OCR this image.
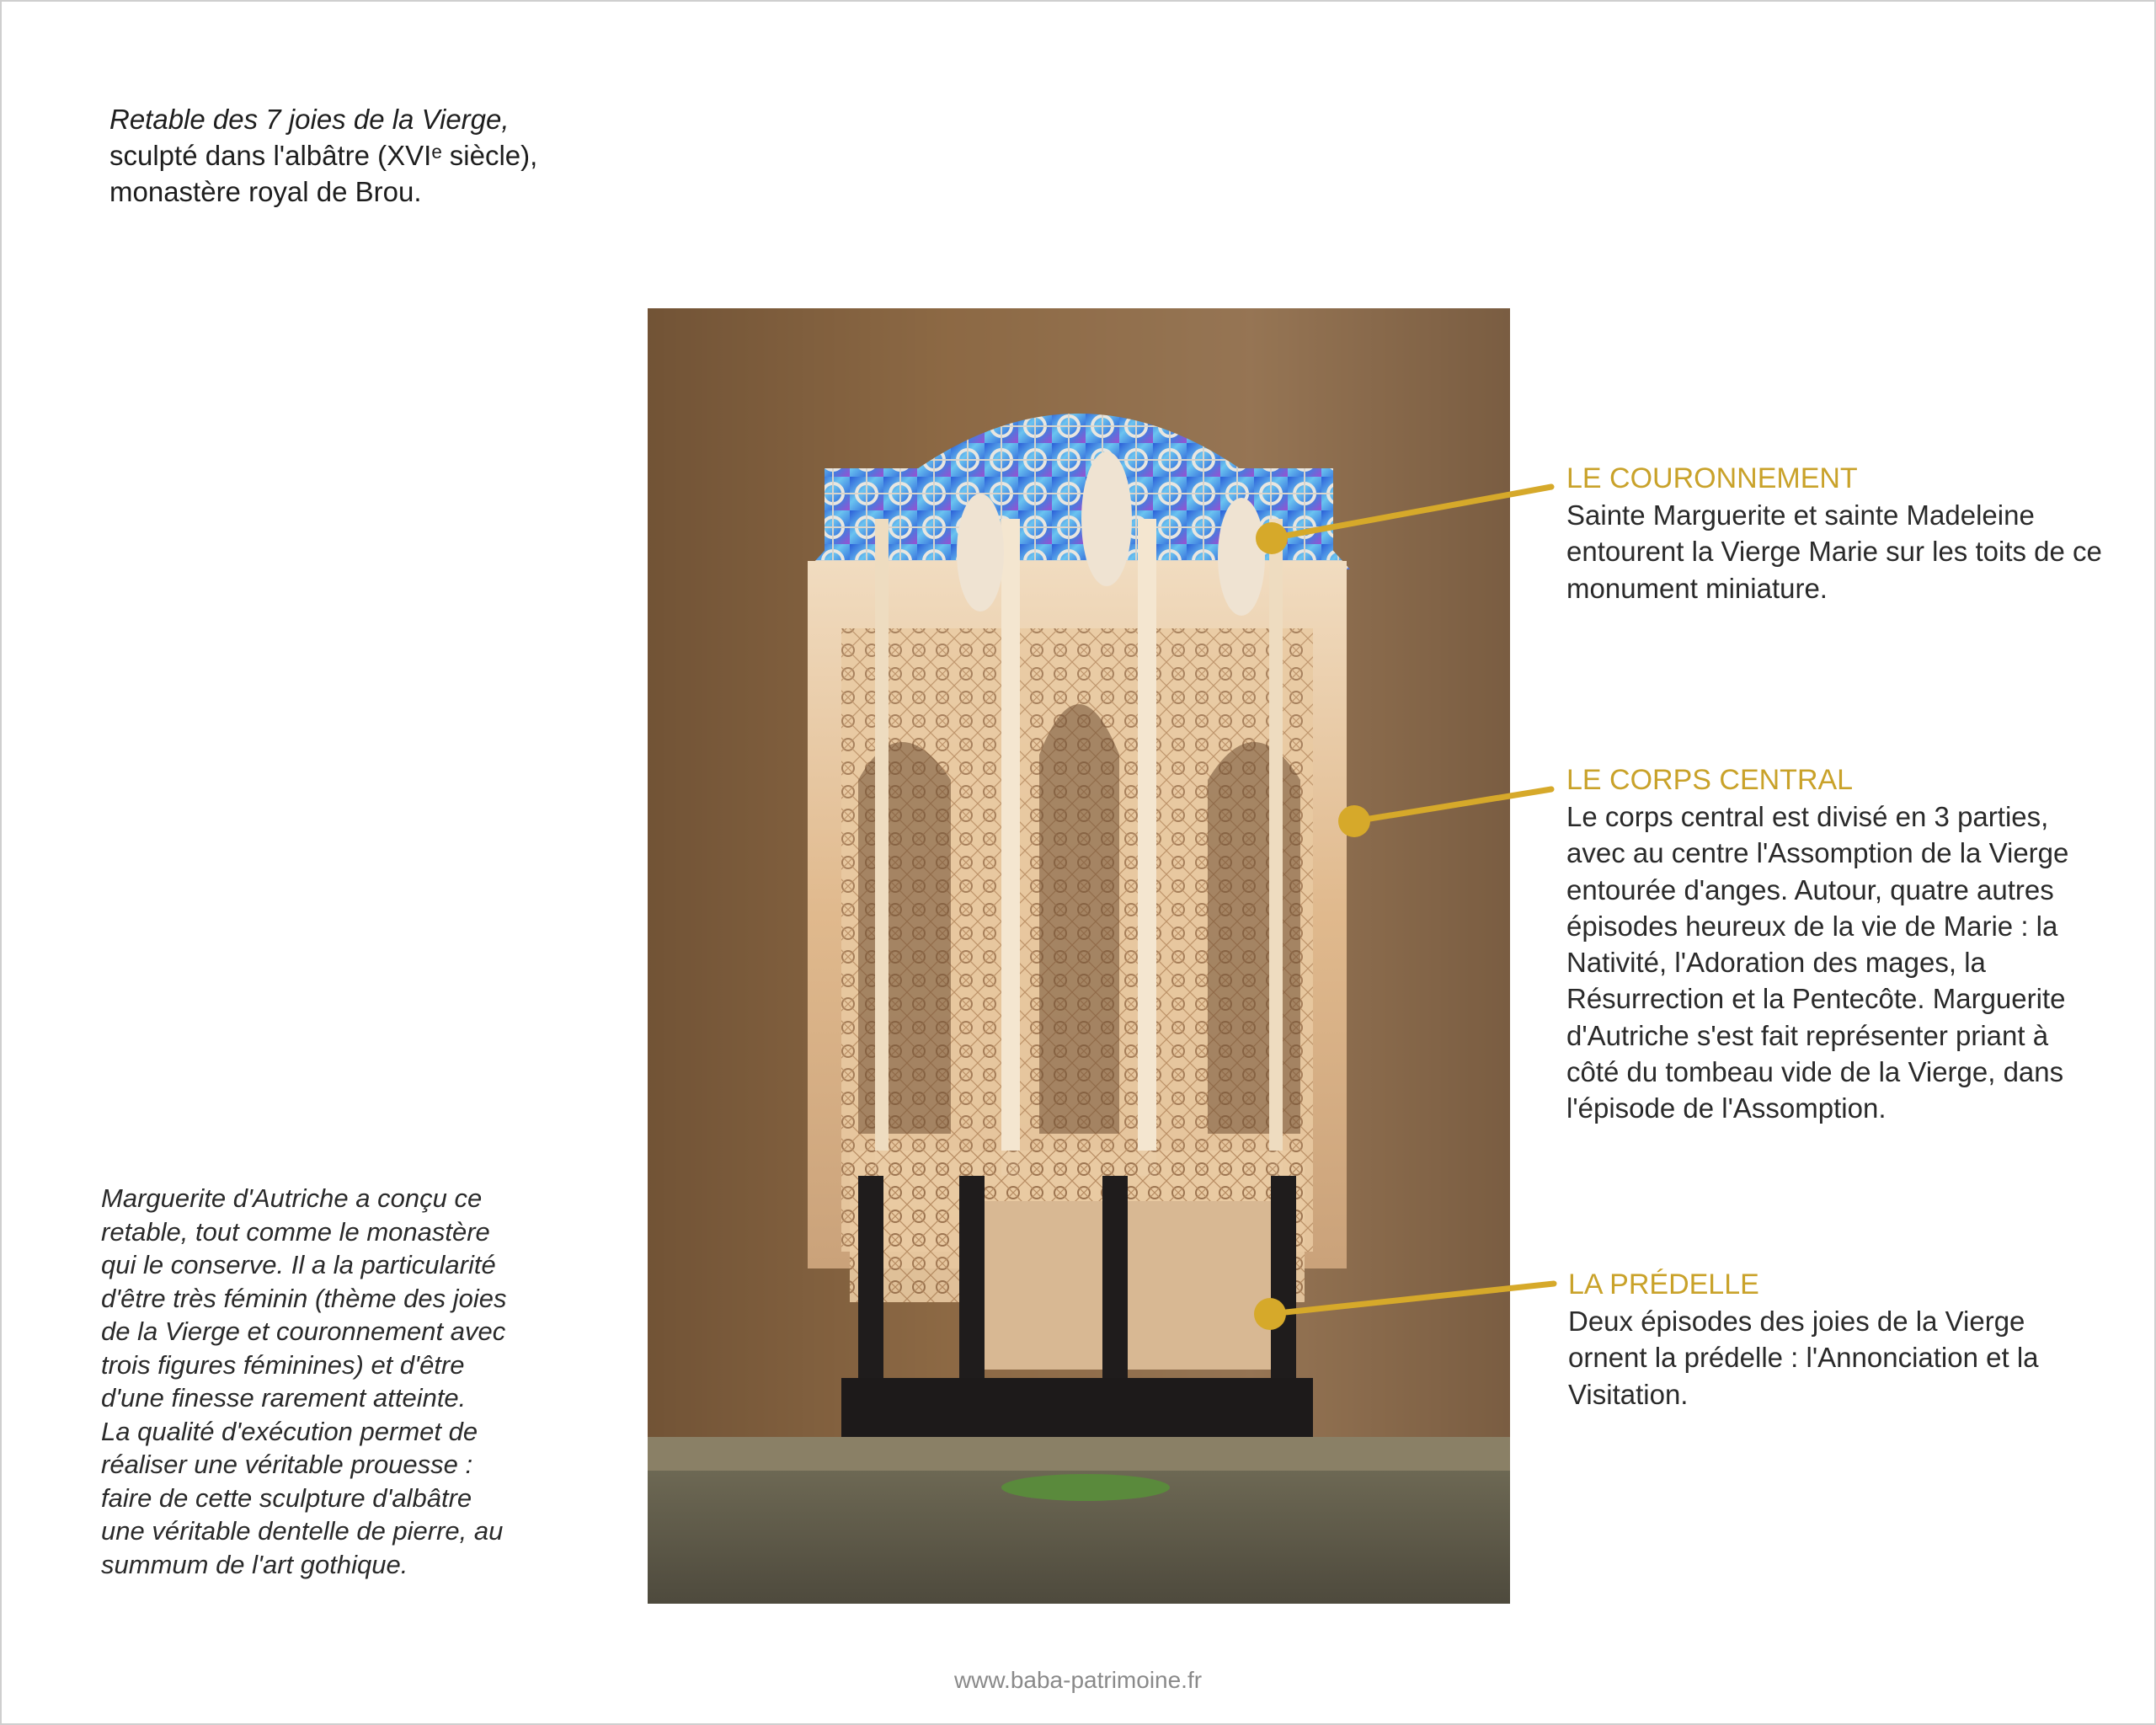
Retable des 7 joies de la Vierge,
sculpté dans l'albâtre (XVIᵉ siècle),
monastère royal de Brou.

Marguerite d'Autriche a conçu ce retable, tout comme le monastère qui le conserve. Il a la particularité d'être très féminin (thème des joies de la Vierge et couronnement avec trois figures féminines) et d'être d'une finesse rarement atteinte.

La qualité d'exécution permet de réaliser une véritable prouesse : faire de cette sculpture d'albâtre une véritable dentelle de pierre, au summum de l'art gothique.

LE COURONNEMENT

Sainte Marguerite et sainte Madeleine entourent la Vierge Marie sur les toits de ce monument miniature.

LE CORPS CENTRAL

Le corps central est divisé en 3 parties, avec au centre l'Assomption de la Vierge entourée d'anges. Autour, quatre autres épisodes heureux de la vie de Marie : la Nativité, l'Adoration des mages, la Résurrection et la Pentecôte. Marguerite d'Autriche s'est fait représenter priant à côté du tombeau vide de la Vierge, dans l'épisode de l'Assomption.

LA PRÉDELLE

Deux épisodes des joies de la Vierge ornent la prédelle : l'Annonciation et la Visitation.

www.baba-patrimoine.fr
